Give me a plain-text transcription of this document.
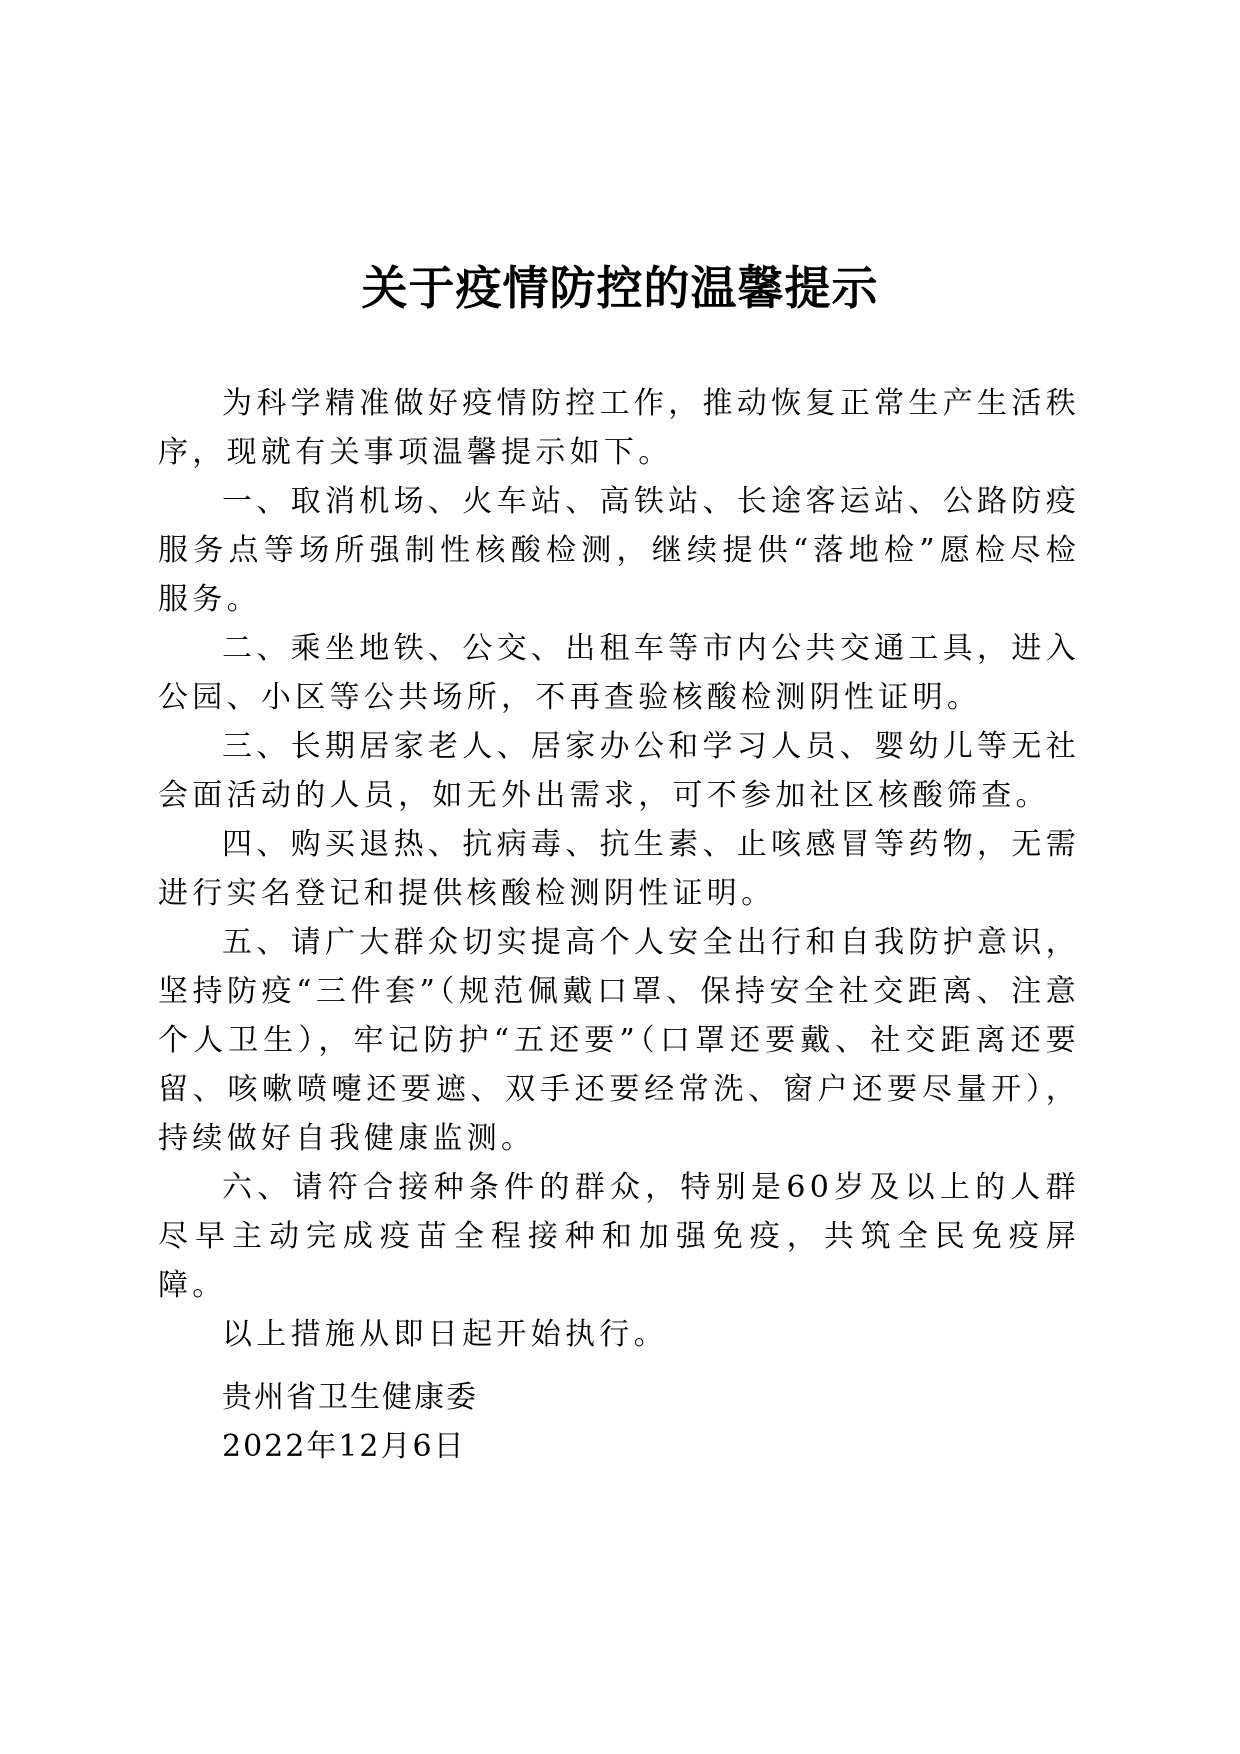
关于疫情防控的温馨提示

为科学精准做好疫情防控工作，推动恢复正常生产生活秩序，现就有关事项温馨提示如下。

一、取消机场、火车站、高铁站、长途客运站、公路防疫服务点等场所强制性核酸检测，继续提供“落地检”愿检尽检服务。

二、乘坐地铁、公交、出租车等市内公共交通工具，进入公园、小区等公共场所，不再查验核酸检测阴性证明。

三、长期居家老人、居家办公和学习人员、婴幼儿等无社会面活动的人员，如无外出需求，可不参加社区核酸筛查。

四、购买退热、抗病毒、抗生素、止咳感冒等药物，无需进行实名登记和提供核酸检测阴性证明。

五、请广大群众切实提高个人安全出行和自我防护意识，坚持防疫“三件套”（规范佩戴口罩、保持安全社交距离、注意个人卫生），牢记防护“五还要”（口罩还要戴、社交距离还要留、咳嗽喷嚏还要遮、双手还要经常洗、窗户还要尽量开），持续做好自我健康监测。

六、请符合接种条件的群众，特别是60岁及以上的人群尽早主动完成疫苗全程接种和加强免疫，共筑全民免疫屏障。

以上措施从即日起开始执行。

贵州省卫生健康委
2022年12月6日
